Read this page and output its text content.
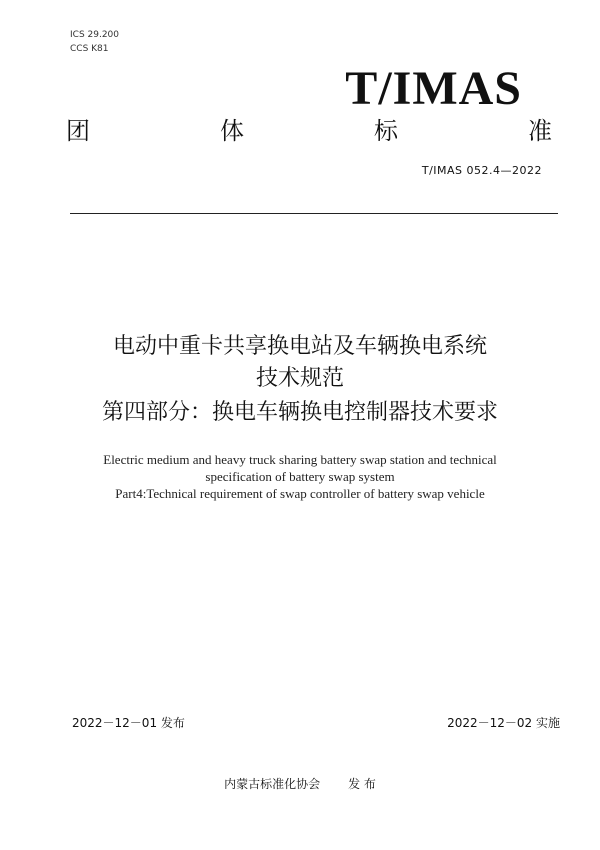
ICS 29.200
CCS K81
T/IMAS
团	体	标	准
T/IMAS 052.4—2022
电动中重卡共享换电站及车辆换电系统
技术规范
第四部分：换电车辆换电控制器技术要求
Electric medium and heavy truck sharing battery swap station and technical
specification of battery swap system
Part4:Technical requirement of swap controller of battery swap vehicle
2022－12－01 发布	2022－12－02 实施
内蒙古标准化协会 发 布
